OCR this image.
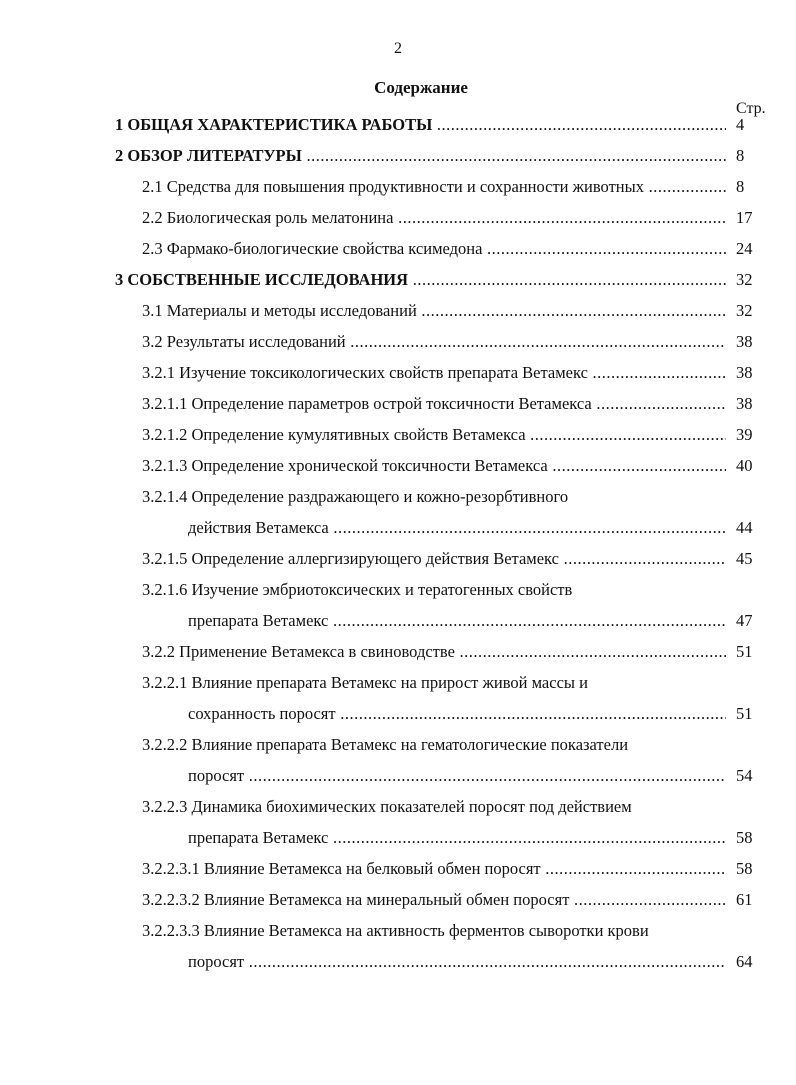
2
Содержание
Стр.
1 ОБЩАЯ ХАРАКТЕРИСТИКА РАБОТЫ .....	4
2 ОБЗОР ЛИТЕРАТУРЫ .....	8
2.1 Средства для повышения продуктивности и сохранности животных .....	8
2.2 Биологическая роль мелатонина .....	17
2.3 Фармако-биологические свойства ксимедона .....	24
3 СОБСТВЕННЫЕ ИССЛЕДОВАНИЯ .....	32
3.1 Материалы и методы исследований .....	32
3.2 Результаты исследований .....	38
3.2.1 Изучение токсикологических свойств препарата Ветамекс .....	38
3.2.1.1 Определение параметров острой токсичности Ветамекса .....	38
3.2.1.2 Определение кумулятивных свойств Ветамекса .....	39
3.2.1.3 Определение хронической токсичности Ветамекса .....	40
3.2.1.4 Определение раздражающего и кожно-резорбтивного
действия Ветамекса .....	44
3.2.1.5 Определение аллергизирующего действия Ветамекс .....	45
3.2.1.6 Изучение эмбриотоксических и тератогенных свойств
препарата Ветамекс .....	47
3.2.2 Применение Ветамекса в свиноводстве .....	51
3.2.2.1 Влияние препарата Ветамекс на прирост живой массы и
сохранность поросят .....	51
3.2.2.2 Влияние препарата Ветамекс на гематологические показатели
поросят .....	54
3.2.2.3 Динамика биохимических показателей поросят под действием
препарата Ветамекс .....	58
3.2.2.3.1 Влияние Ветамекса на белковый обмен поросят .....	58
3.2.2.3.2 Влияние Ветамекса на минеральный обмен поросят .....	61
3.2.2.3.3 Влияние Ветамекса на активность ферментов сыворотки крови
поросят .....	64
